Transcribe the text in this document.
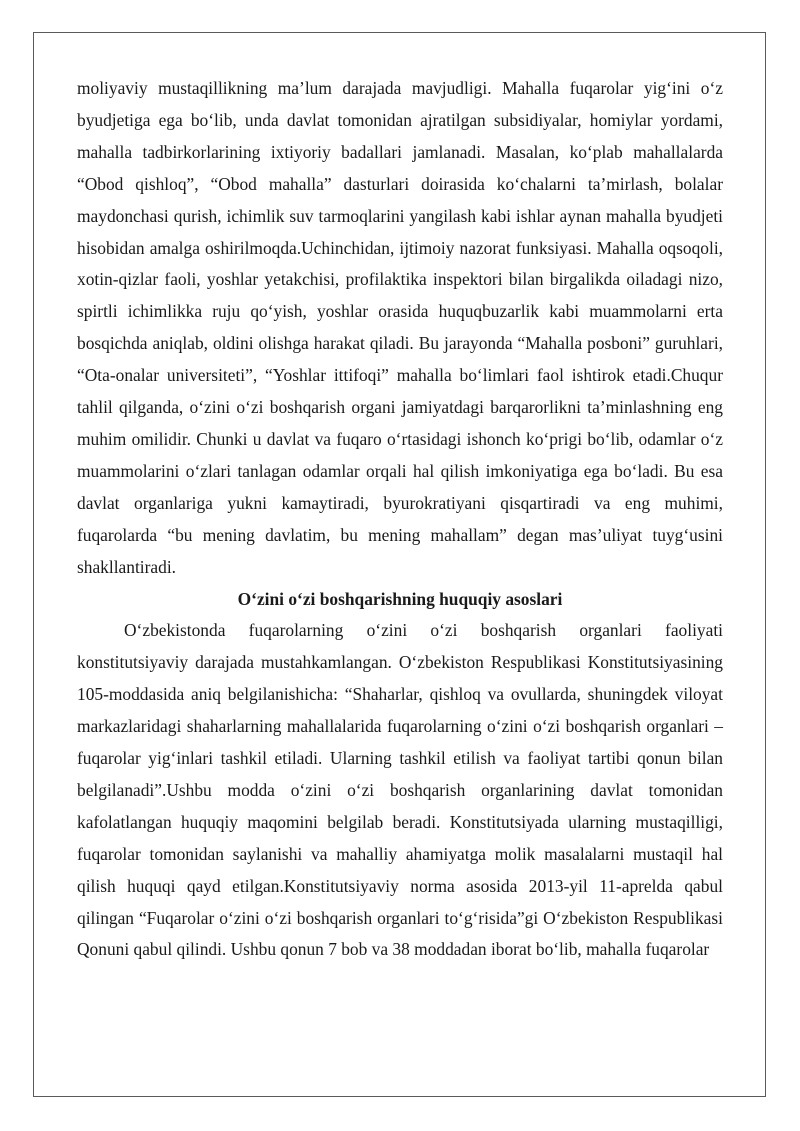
moliyaviy mustaqillikning ma’lum darajada mavjudligi. Mahalla fuqarolar yig‘ini o‘z byudjetiga ega bo‘lib, unda davlat tomonidan ajratilgan subsidiyalar, homiylar yordami, mahalla tadbirkorlarining ixtiyoriy badallari jamlanadi. Masalan, ko‘plab mahallalarda “Obod qishloq”, “Obod mahalla” dasturlari doirasida ko‘chalarni ta’mirlash, bolalar maydonchasi qurish, ichimlik suv tarmoqlarini yangilash kabi ishlar aynan mahalla byudjeti hisobidan amalga oshirilmoqda.Uchinchidan, ijtimoiy nazorat funksiyasi. Mahalla oqsoqoli, xotin-qizlar faoli, yoshlar yetakchisi, profilaktika inspektori bilan birgalikda oiladagi nizo, spirtli ichimlikka ruju qo‘yish, yoshlar orasida huquqbuzarlik kabi muammolarni erta bosqichda aniqlab, oldini olishga harakat qiladi. Bu jarayonda “Mahalla posboni” guruhlari, “Ota-onalar universiteti”, “Yoshlar ittifoqi” mahalla bo‘limlari faol ishtirok etadi.Chuqur tahlil qilganda, o‘zini o‘zi boshqarish organi jamiyatdagi barqarorlikni ta’minlashning eng muhim omilidir. Chunki u davlat va fuqaro o‘rtasidagi ishonch ko‘prigi bo‘lib, odamlar o‘z muammolarini o‘zlari tanlagan odamlar orqali hal qilish imkoniyatiga ega bo‘ladi. Bu esa davlat organlariga yukni kamaytiradi, byurokratiyani qisqartiradi va eng muhimi, fuqarolarda “bu mening davlatim, bu mening mahallam” degan mas’uliyat tuyg‘usini shakllantiradi.

O‘zini o‘zi boshqarishning huquqiy asoslari

O‘zbekistonda fuqarolarning o‘zini o‘zi boshqarish organlari faoliyati konstitutsiyaviy darajada mustahkamlangan. O‘zbekiston Respublikasi Konstitutsiyasining 105-moddasida aniq belgilanishicha: “Shaharlar, qishloq va ovullarda, shuningdek viloyat markazlaridagi shaharlarning mahallalarida fuqarolarning o‘zini o‘zi boshqarish organlari – fuqarolar yig‘inlari tashkil etiladi. Ularning tashkil etilish va faoliyat tartibi qonun bilan belgilanadi”.Ushbu modda o‘zini o‘zi boshqarish organlarining davlat tomonidan kafolatlangan huquqiy maqomini belgilab beradi. Konstitutsiyada ularning mustaqilligi, fuqarolar tomonidan saylanishi va mahalliy ahamiyatga molik masalalarni mustaqil hal qilish huquqi qayd etilgan.Konstitutsiyaviy norma asosida 2013-yil 11-aprelda qabul qilingan “Fuqarolar o‘zini o‘zi boshqarish organlari to‘g‘risida”gi O‘zbekiston Respublikasi Qonuni qabul qilindi. Ushbu qonun 7 bob va 38 moddadan iborat bo‘lib, mahalla fuqarolar
